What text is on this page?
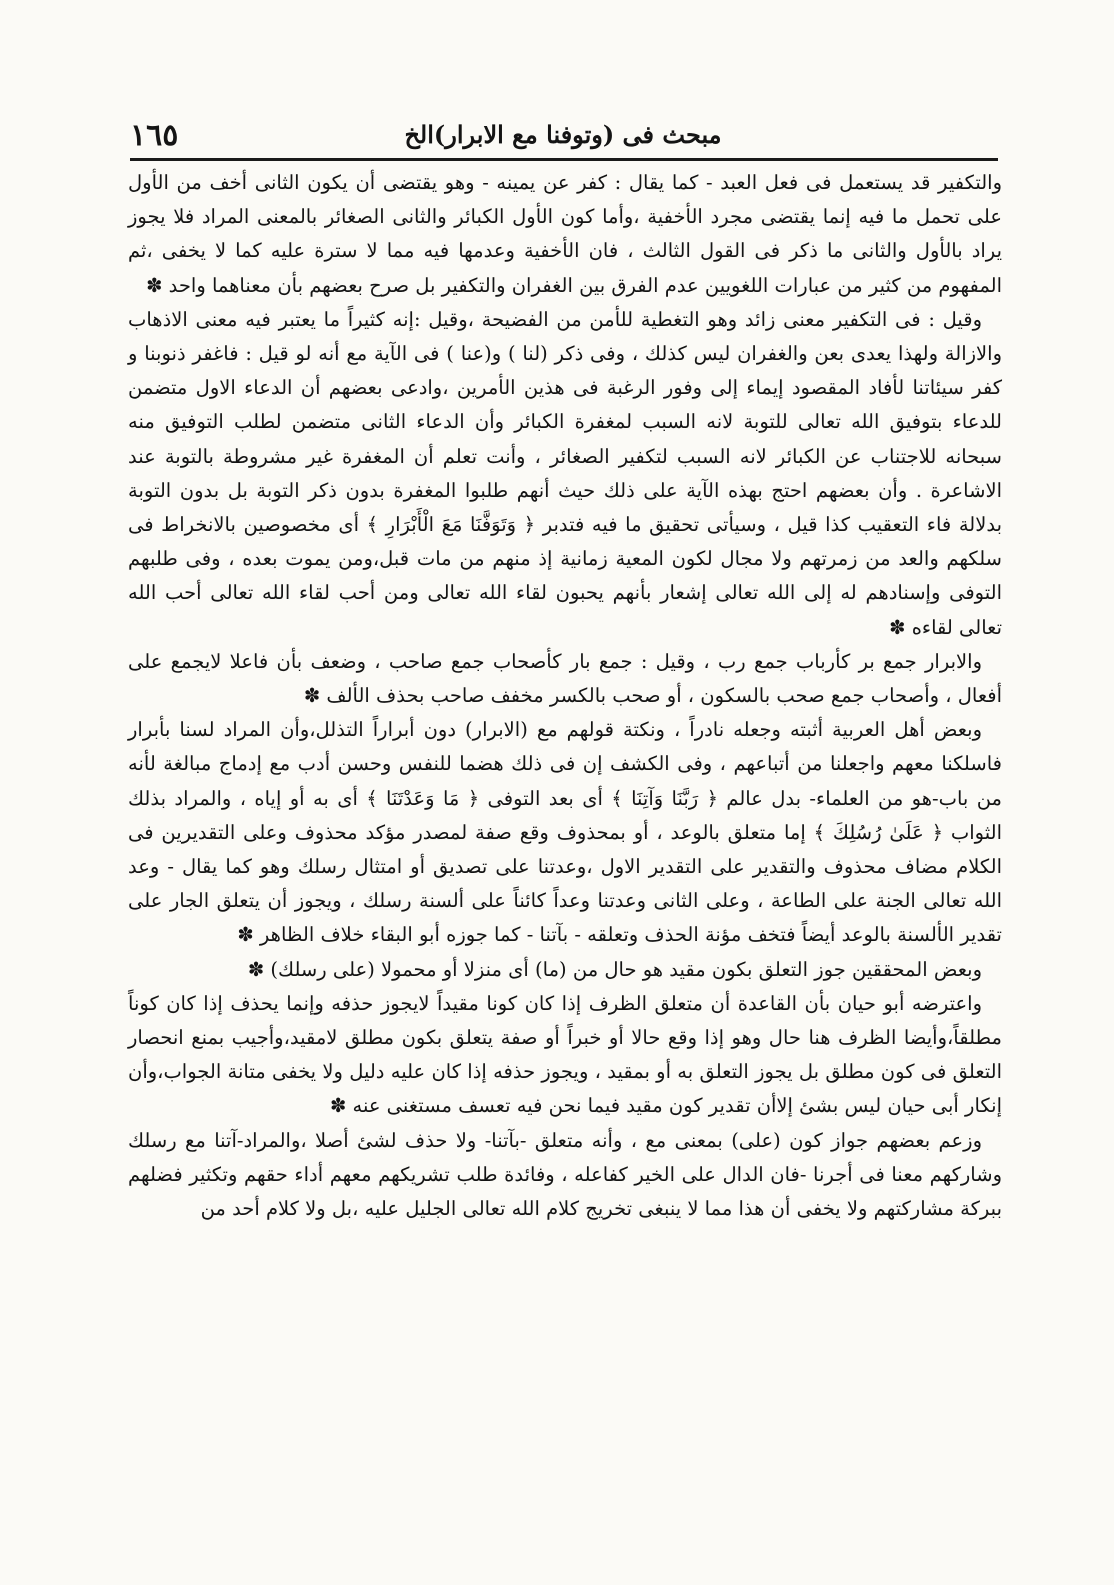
مبحث فى (وتوفنا مع الابرار)الخ
١٦٥

والتكفير قد يستعمل فى فعل العبد - كما يقال : كفر عن يمينه - وهو يقتضى أن يكون الثانى أخف من الأول على تحمل ما فيه إنما يقتضى مجرد الأخفية ،وأما كون الأول الكبائر والثانى الصغائر بالمعنى المراد فلا يجوز يراد بالأول والثانى ما ذكر فى القول الثالث ، فان الأخفية وعدمها فيه مما لا سترة عليه كما لا يخفى ،ثم المفهوم من كثير من عبارات اللغويين عدم الفرق بين الغفران والتكفير بل صرح بعضهم بأن معناهما واحد ✽

وقيل : فى التكفير معنى زائد وهو التغطية للأمن من الفضيحة ،وقيل :إنه كثيراً ما يعتبر فيه معنى الاذهاب والازالة ولهذا يعدى بعن والغفران ليس كذلك ، وفى ذكر (لنا ) و(عنا ) فى الآية مع أنه لو قيل : فاغفر ذنوبنا و كفر سيئاتنا لأفاد المقصود إيماء إلى وفور الرغبة فى هذين الأمرين ،وادعى بعضهم أن الدعاء الاول متضمن للدعاء بتوفيق الله تعالى للتوبة لانه السبب لمغفرة الكبائر وأن الدعاء الثانى متضمن لطلب التوفيق منه سبحانه للاجتناب عن الكبائر لانه السبب لتكفير الصغائر ، وأنت تعلم أن المغفرة غير مشروطة بالتوبة عند الاشاعرة . وأن بعضهم احتج بهذه الآية على ذلك حيث أنهم طلبوا المغفرة بدون ذكر التوبة بل بدون التوبة بدلالة فاء التعقيب كذا قيل ، وسيأتى تحقيق ما فيه فتدبر ﴿ وَتَوَفَّنَا مَعَ الْأَبْرَارِ ﴾ أى مخصوصين بالانخراط فى سلكهم والعد من زمرتهم ولا مجال لكون المعية زمانية إذ منهم من مات قبل،ومن يموت بعده ، وفى طلبهم التوفى وإسنادهم له إلى الله تعالى إشعار بأنهم يحبون لقاء الله تعالى ومن أحب لقاء الله تعالى أحب الله تعالى لقاءه ✽

والابرار جمع بر كأرباب جمع رب ، وقيل : جمع بار كأصحاب جمع صاحب ، وضعف بأن فاعلا لايجمع على أفعال ، وأصحاب جمع صحب بالسكون ، أو صحب بالكسر مخفف صاحب بحذف الألف ✽

وبعض أهل العربية أثبته وجعله نادراً ، ونكتة قولهم مع (الابرار) دون أبراراً التذلل،وأن المراد لسنا بأبرار فاسلكنا معهم واجعلنا من أتباعهم ، وفى الكشف إن فى ذلك هضما للنفس وحسن أدب مع إدماج مبالغة لأنه من باب-هو من العلماء- بدل عالم ﴿ رَبَّنَا وَآتِنَا ﴾ أى بعد التوفى ﴿ مَا وَعَدْتَنَا ﴾ أى به أو إياه ، والمراد بذلك الثواب ﴿ عَلَىٰ رُسُلِكَ ﴾ إما متعلق بالوعد ، أو بمحذوف وقع صفة لمصدر مؤكد محذوف وعلى التقديرين فى الكلام مضاف محذوف والتقدير على التقدير الاول ،وعدتنا على تصديق أو امتثال رسلك وهو كما يقال - وعد الله تعالى الجنة على الطاعة ، وعلى الثانى وعدتنا وعداً كائناً على ألسنة رسلك ، ويجوز أن يتعلق الجار على تقدير الألسنة بالوعد أيضاً فتخف مؤنة الحذف وتعلقه - بآتنا - كما جوزه أبو البقاء خلاف الظاهر ✽

وبعض المحققين جوز التعلق بكون مقيد هو حال من (ما) أى منزلا أو محمولا (على رسلك) ✽

واعترضه أبو حيان بأن القاعدة أن متعلق الظرف إذا كان كونا مقيداً لايجوز حذفه وإنما يحذف إذا كان كوناً مطلقاً،وأيضا الظرف هنا حال وهو إذا وقع حالا أو خبراً أو صفة يتعلق بكون مطلق لامقيد،وأجيب بمنع انحصار التعلق فى كون مطلق بل يجوز التعلق به أو بمقيد ، ويجوز حذفه إذا كان عليه دليل ولا يخفى متانة الجواب،وأن إنكار أبى حيان ليس بشئ إلاأن تقدير كون مقيد فيما نحن فيه تعسف مستغنى عنه ✽

وزعم بعضهم جواز كون (على) بمعنى مع ، وأنه متعلق -بآتنا- ولا حذف لشئ أصلا ،والمراد-آتنا مع رسلك وشاركهم معنا فى أجرنا -فان الدال على الخير كفاعله ، وفائدة طلب تشريكهم معهم أداء حقهم وتكثير فضلهم ببركة مشاركتهم ولا يخفى أن هذا مما لا ينبغى تخريج كلام الله تعالى الجليل عليه ،بل ولا كلام أحد من
